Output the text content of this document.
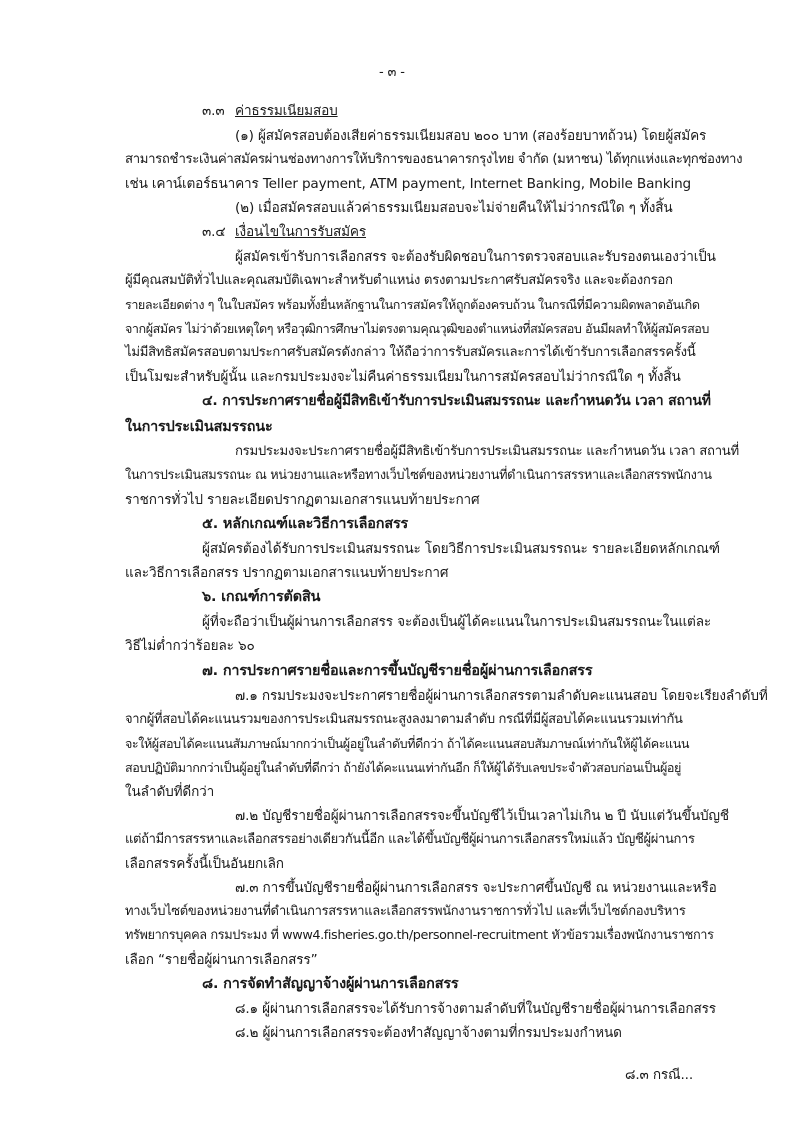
- ๓ -
๓.๓ ค่าธรรมเนียมสอบ
(๑) ผู้สมัครสอบต้องเสียค่าธรรมเนียมสอบ ๒๐๐ บาท (สองร้อยบาทถ้วน) โดยผู้สมัคร
สามารถชำระเงินค่าสมัครผ่านช่องทางการให้บริการของธนาคารกรุงไทย จำกัด (มหาชน) ได้ทุกแห่งและทุกช่องทาง
เช่น เคาน์เตอร์ธนาคาร Teller payment, ATM payment, Internet Banking, Mobile Banking
(๒) เมื่อสมัครสอบแล้วค่าธรรมเนียมสอบจะไม่จ่ายคืนให้ไม่ว่ากรณีใด ๆ ทั้งสิ้น
๓.๔ เงื่อนไขในการรับสมัคร
ผู้สมัครเข้ารับการเลือกสรร จะต้องรับผิดชอบในการตรวจสอบและรับรองตนเองว่าเป็น
ผู้มีคุณสมบัติทั่วไปและคุณสมบัติเฉพาะสำหรับตำแหน่ง ตรงตามประกาศรับสมัครจริง และจะต้องกรอก
รายละเอียดต่าง ๆ ในใบสมัคร พร้อมทั้งยื่นหลักฐานในการสมัครให้ถูกต้องครบถ้วน ในกรณีที่มีความผิดพลาดอันเกิด
จากผู้สมัคร ไม่ว่าด้วยเหตุใดๆ หรือวุฒิการศึกษาไม่ตรงตามคุณวุฒิของตำแหน่งที่สมัครสอบ อันมีผลทำให้ผู้สมัครสอบ
ไม่มีสิทธิสมัครสอบตามประกาศรับสมัครดังกล่าว ให้ถือว่าการรับสมัครและการได้เข้ารับการเลือกสรรครั้งนี้
เป็นโมฆะสำหรับผู้นั้น และกรมประมงจะไม่คืนค่าธรรมเนียมในการสมัครสอบไม่ว่ากรณีใด ๆ ทั้งสิ้น
๔. การประกาศรายชื่อผู้มีสิทธิเข้ารับการประเมินสมรรถนะ และกำหนดวัน เวลา สถานที่
ในการประเมินสมรรถนะ
กรมประมงจะประกาศรายชื่อผู้มีสิทธิเข้ารับการประเมินสมรรถนะ และกำหนดวัน เวลา สถานที่
ในการประเมินสมรรถนะ ณ หน่วยงานและหรือทางเว็บไซต์ของหน่วยงานที่ดำเนินการสรรหาและเลือกสรรพนักงาน
ราชการทั่วไป รายละเอียดปรากฏตามเอกสารแนบท้ายประกาศ
๕. หลักเกณฑ์และวิธีการเลือกสรร
ผู้สมัครต้องได้รับการประเมินสมรรถนะ โดยวิธีการประเมินสมรรถนะ รายละเอียดหลักเกณฑ์
และวิธีการเลือกสรร ปรากฏตามเอกสารแนบท้ายประกาศ
๖. เกณฑ์การตัดสิน
ผู้ที่จะถือว่าเป็นผู้ผ่านการเลือกสรร จะต้องเป็นผู้ได้คะแนนในการประเมินสมรรถนะในแต่ละ
วิธีไม่ต่ำกว่าร้อยละ ๖๐
๗. การประกาศรายชื่อและการขึ้นบัญชีรายชื่อผู้ผ่านการเลือกสรร
๗.๑ กรมประมงจะประกาศรายชื่อผู้ผ่านการเลือกสรรตามลำดับคะแนนสอบ โดยจะเรียงลำดับที่
จากผู้ที่สอบได้คะแนนรวมของการประเมินสมรรถนะสูงลงมาตามลำดับ กรณีที่มีผู้สอบได้คะแนนรวมเท่ากัน
จะให้ผู้สอบได้คะแนนสัมภาษณ์มากกว่าเป็นผู้อยู่ในลำดับที่ดีกว่า ถ้าได้คะแนนสอบสัมภาษณ์เท่ากันให้ผู้ได้คะแนน
สอบปฏิบัติมากกว่าเป็นผู้อยู่ในลำดับที่ดีกว่า ถ้ายังได้คะแนนเท่ากันอีก ก็ให้ผู้ได้รับเลขประจำตัวสอบก่อนเป็นผู้อยู่
ในลำดับที่ดีกว่า
๗.๒ บัญชีรายชื่อผู้ผ่านการเลือกสรรจะขึ้นบัญชีไว้เป็นเวลาไม่เกิน ๒ ปี นับแต่วันขึ้นบัญชี
แต่ถ้ามีการสรรหาและเลือกสรรอย่างเดียวกันนี้อีก และได้ขึ้นบัญชีผู้ผ่านการเลือกสรรใหม่แล้ว บัญชีผู้ผ่านการ
เลือกสรรครั้งนี้เป็นอันยกเลิก
๗.๓ การขึ้นบัญชีรายชื่อผู้ผ่านการเลือกสรร จะประกาศขึ้นบัญชี ณ หน่วยงานและหรือ
ทางเว็บไซต์ของหน่วยงานที่ดำเนินการสรรหาและเลือกสรรพนักงานราชการทั่วไป และที่เว็บไซต์กองบริหาร
ทรัพยากรบุคคล กรมประมง ที่ www4.fisheries.go.th/personnel-recruitment หัวข้อรวมเรื่องพนักงานราชการ
เลือก “รายชื่อผู้ผ่านการเลือกสรร”
๘. การจัดทำสัญญาจ้างผู้ผ่านการเลือกสรร
๘.๑ ผู้ผ่านการเลือกสรรจะได้รับการจ้างตามลำดับที่ในบัญชีรายชื่อผู้ผ่านการเลือกสรร
๘.๒ ผู้ผ่านการเลือกสรรจะต้องทำสัญญาจ้างตามที่กรมประมงกำหนด
๘.๓ กรณี...
